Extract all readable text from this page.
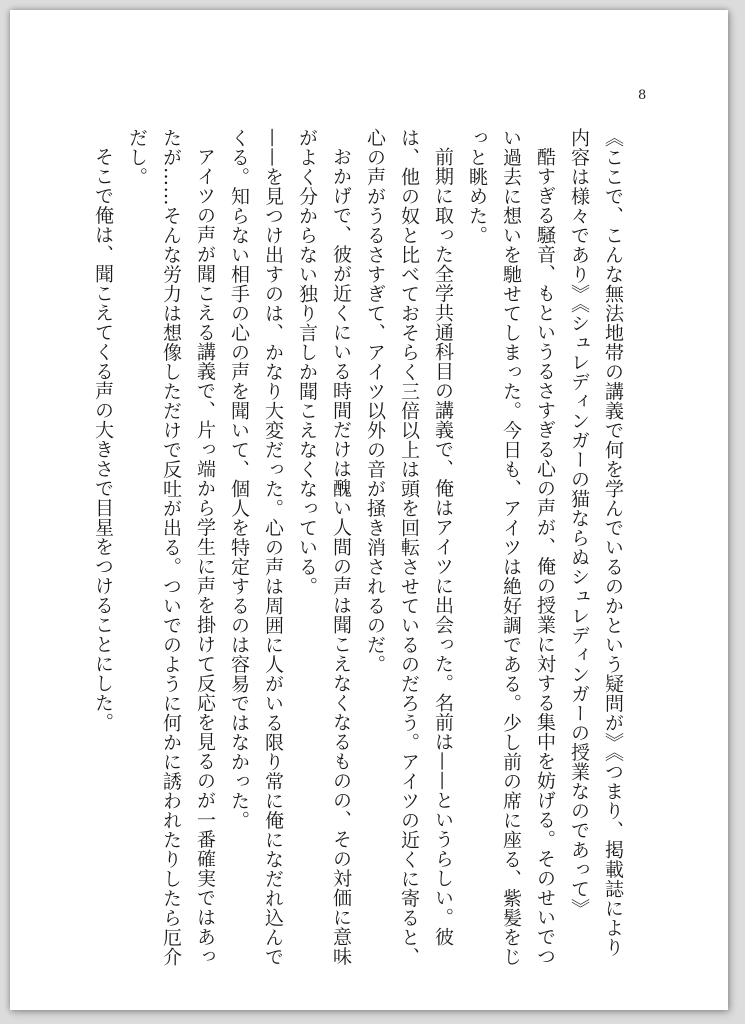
8

《ここで、こんな無法地帯の講義で何を学んでいるのかという疑問が》《つまり、掲載誌により内容は様々であり》《シュレディンガーの猫ならぬシュレディンガーの授業なのであって》

酷すぎる騒音、もというるさすぎる心の声が、俺の授業に対する集中を妨げる。そのせいでつい過去に想いを馳せてしまった。今日も、アイツは絶好調である。少し前の席に座る、紫髪をじっと眺めた。

前期に取った全学共通科目の講義で、俺はアイツに出会った。名前は——というらしい。彼は、他の奴と比べておそらく三倍以上は頭を回転させているのだろう。アイツの近くに寄ると、心の声がうるさすぎて、アイツ以外の音が掻き消されるのだ。

おかげで、彼が近くにいる時間だけは醜い人間の声は聞こえなくなるものの、その対価に意味がよく分からない独り言しか聞こえなくなっている。

——を見つけ出すのは、かなり大変だった。心の声は周囲に人がいる限り常に俺になだれ込んでくる。知らない相手の心の声を聞いて、個人を特定するのは容易ではなかった。

アイツの声が聞こえる講義で、片っ端から学生に声を掛けて反応を見るのが一番確実ではあったが……そんな労力は想像しただけで反吐が出る。ついでのように何かに誘われたりしたら厄介だし。

そこで俺は、聞こえてくる声の大きさで目星をつけることにした。
